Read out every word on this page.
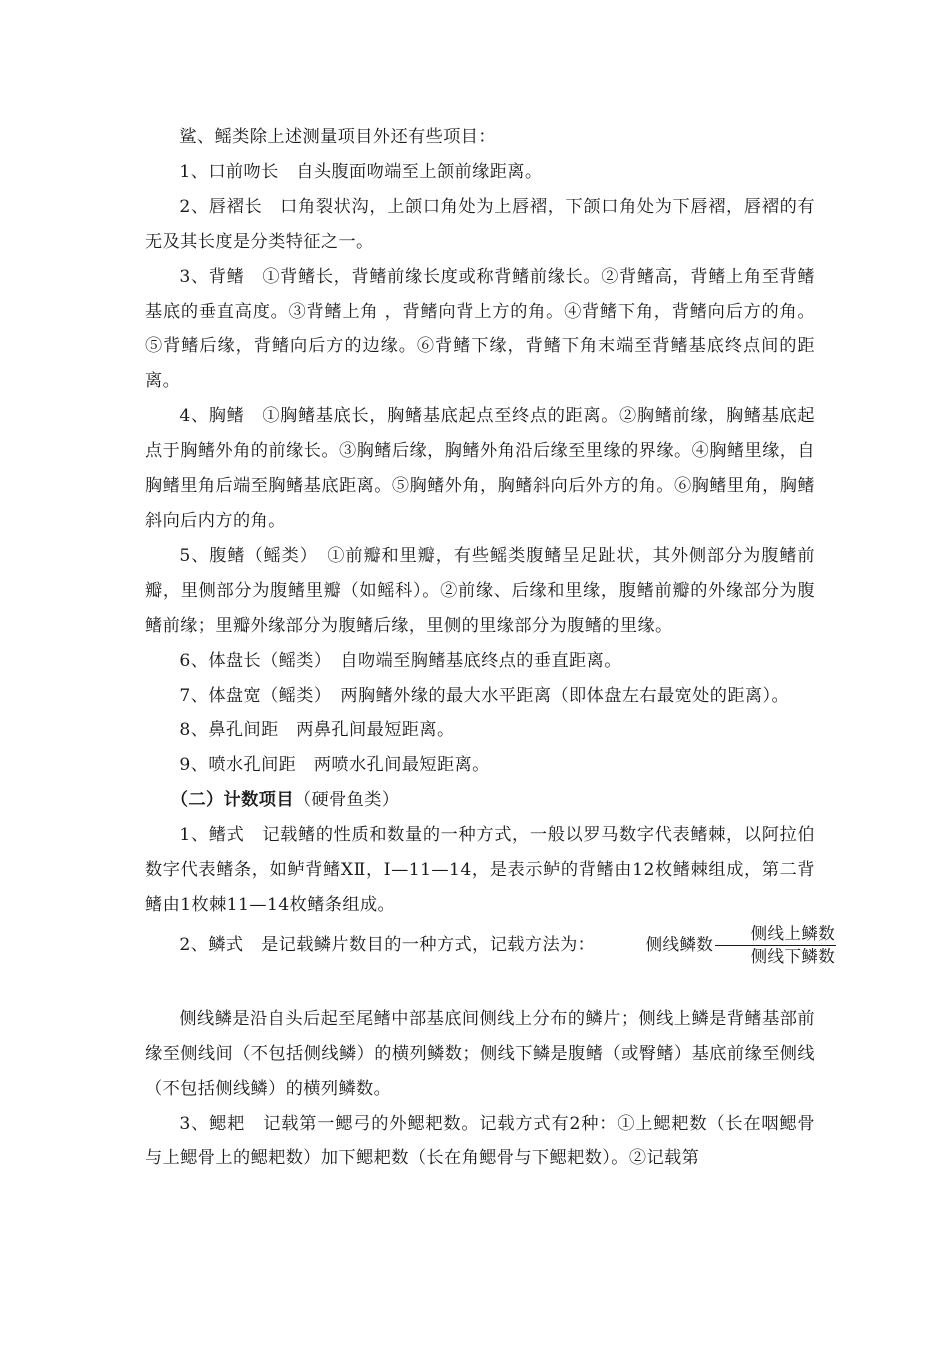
鲨、鳐类除上述测量项目外还有些项目：

1、口前吻长　自头腹面吻端至上颌前缘距离。

2、唇褶长　口角裂状沟，上颌口角处为上唇褶，下颌口角处为下唇褶，唇褶的有无及其长度是分类特征之一。

3、背鳍　①背鳍长，背鳍前缘长度或称背鳍前缘长。②背鳍高，背鳍上角至背鳍基底的垂直高度。③背鳍上角 ，背鳍向背上方的角。④背鳍下角，背鳍向后方的角。⑤背鳍后缘，背鳍向后方的边缘。⑥背鳍下缘，背鳍下角末端至背鳍基底终点间的距离。

4、胸鳍　①胸鳍基底长，胸鳍基底起点至终点的距离。②胸鳍前缘，胸鳍基底起点于胸鳍外角的前缘长。③胸鳍后缘，胸鳍外角沿后缘至里缘的界缘。④胸鳍里缘，自胸鳍里角后端至胸鳍基底距离。⑤胸鳍外角，胸鳍斜向后外方的角。⑥胸鳍里角，胸鳍斜向后内方的角。

5、腹鳍（鳐类）　①前瓣和里瓣，有些鳐类腹鳍呈足趾状，其外侧部分为腹鳍前瓣，里侧部分为腹鳍里瓣（如鳐科）。②前缘、后缘和里缘，腹鳍前瓣的外缘部分为腹鳍前缘；里瓣外缘部分为腹鳍后缘，里侧的里缘部分为腹鳍的里缘。

6、体盘长（鳐类）　自吻端至胸鳍基底终点的垂直距离。

7、体盘宽（鳐类）　两胸鳍外缘的最大水平距离（即体盘左右最宽处的距离）。

8、鼻孔间距　两鼻孔间最短距离。

9、喷水孔间距　两喷水孔间最短距离。

（二）计数项目（硬骨鱼类）

1、鳍式　记载鳍的性质和数量的一种方式，一般以罗马数字代表鳍棘，以阿拉伯数字代表鳍条，如鲈背鳍ⅩⅡ，Ⅰ—11—14，是表示鲈的背鳍由12枚鳍棘组成，第二背鳍由1枚棘11—14枚鳍条组成。

2、鳞式　是记载鳞片数目的一种方式，记载方法为：	侧线鳞数 $\frac{\text{侧线上鳞数}}{\text{侧线下鳞数}}$

侧线鳞是沿自头后起至尾鳍中部基底间侧线上分布的鳞片；侧线上鳞是背鳍基部前缘至侧线间（不包括侧线鳞）的横列鳞数；侧线下鳞是腹鳍（或臀鳍）基底前缘至侧线（不包括侧线鳞）的横列鳞数。

3、鳃耙　记载第一鳃弓的外鳃耙数。记载方式有2种：①上鳃耙数（长在咽鳃骨与上鳃骨上的鳃耙数）加下鳃耙数（长在角鳃骨与下鳃耙数）。②记载第
